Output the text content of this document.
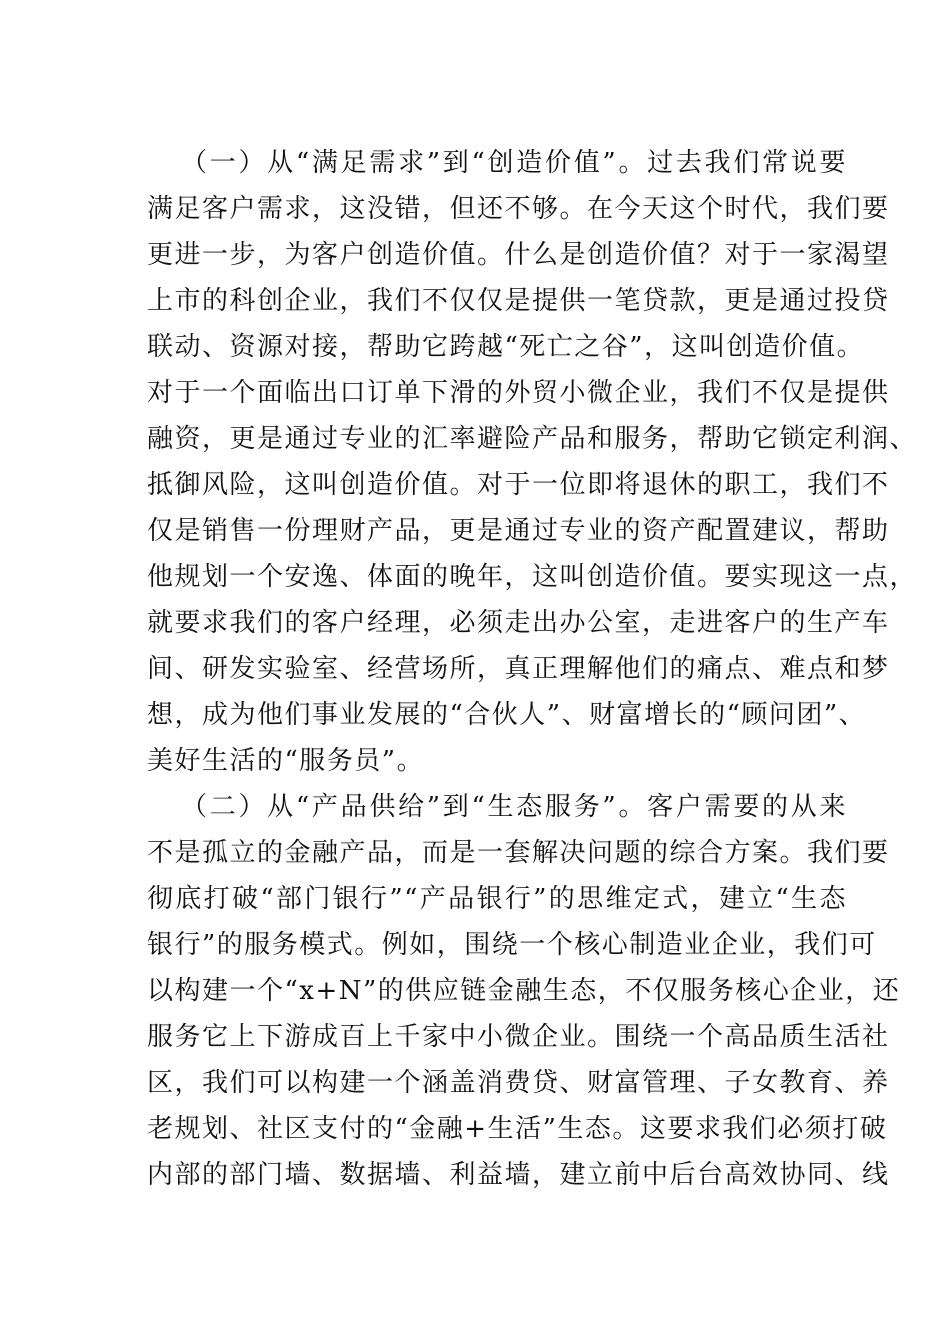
（一）从“满足需求”到“创造价值”。过去我们常说要
满足客户需求，这没错，但还不够。在今天这个时代，我们要
更进一步，为客户创造价值。什么是创造价值？对于一家渴望
上市的科创企业，我们不仅仅是提供一笔贷款，更是通过投贷
联动、资源对接，帮助它跨越“死亡之谷”，这叫创造价值。
对于一个面临出口订单下滑的外贸小微企业，我们不仅是提供
融资，更是通过专业的汇率避险产品和服务，帮助它锁定利润、
抵御风险，这叫创造价值。对于一位即将退休的职工，我们不
仅是销售一份理财产品，更是通过专业的资产配置建议，帮助
他规划一个安逸、体面的晚年，这叫创造价值。要实现这一点，
就要求我们的客户经理，必须走出办公室，走进客户的生产车
间、研发实验室、经营场所，真正理解他们的痛点、难点和梦
想，成为他们事业发展的“合伙人”、财富增长的“顾问团”、
美好生活的“服务员”。
（二）从“产品供给”到“生态服务”。客户需要的从来
不是孤立的金融产品，而是一套解决问题的综合方案。我们要
彻底打破“部门银行”“产品银行”的思维定式，建立“生态
银行”的服务模式。例如，围绕一个核心制造业企业，我们可
以构建一个“x+N”的供应链金融生态，不仅服务核心企业，还
服务它上下游成百上千家中小微企业。围绕一个高品质生活社
区，我们可以构建一个涵盖消费贷、财富管理、子女教育、养
老规划、社区支付的“金融+生活”生态。这要求我们必须打破
内部的部门墙、数据墙、利益墙，建立前中后台高效协同、线
